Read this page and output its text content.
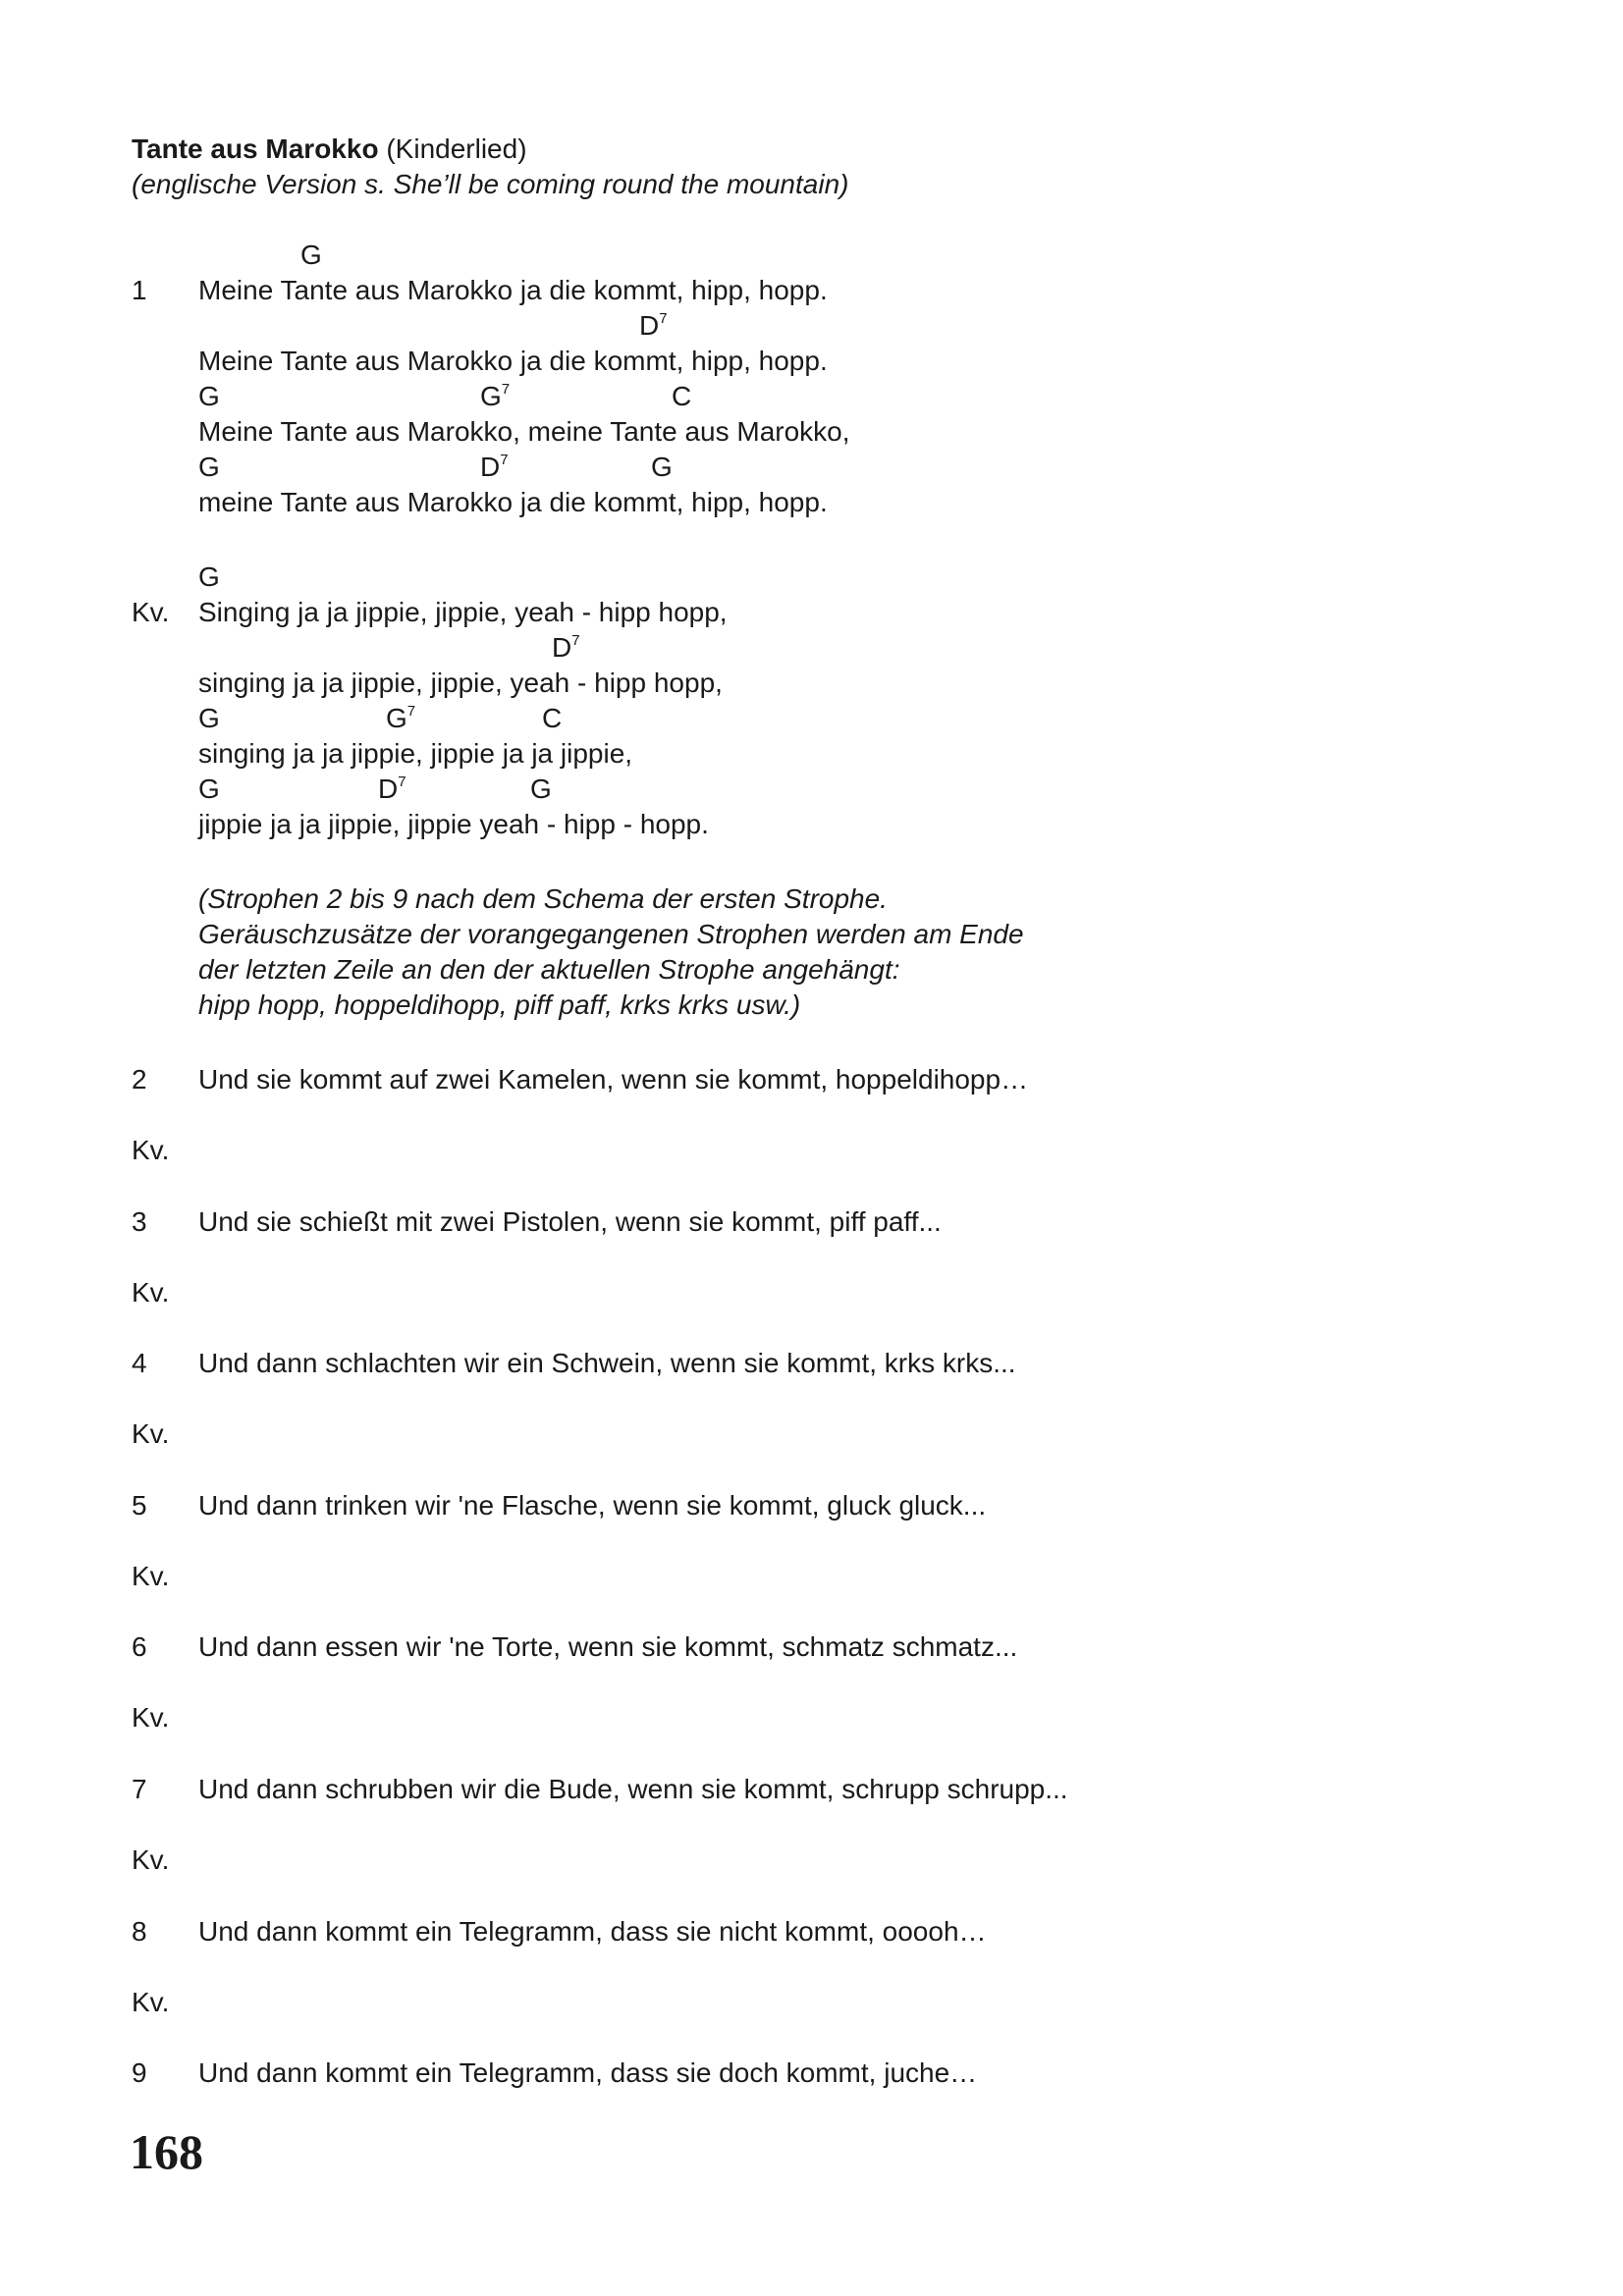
Tante aus Marokko (Kinderlied)
(englische Version s. She’ll be coming round the mountain)
G
1 Meine Tante aus Marokko ja die kommt, hipp, hopp.
$D^7$
Meine Tante aus Marokko ja die kommt, hipp, hopp.
G	$G^7$	C
Meine Tante aus Marokko, meine Tante aus Marokko,
G	$D^7$	G
meine Tante aus Marokko ja die kommt, hipp, hopp.
G
Kv. Singing ja ja jippie, jippie, yeah - hipp hopp,
$D^7$
singing ja ja jippie, jippie, yeah - hipp hopp,
G	$G^7$	C
singing ja ja jippie, jippie ja ja jippie,
G	$D^7$	G
jippie ja ja jippie, jippie yeah - hipp - hopp.
(Strophen 2 bis 9 nach dem Schema der ersten Strophe.
Geräuschzusätze der vorangegangenen Strophen werden am Ende
der letzten Zeile an den der aktuellen Strophe angehängt:
hipp hopp, hoppeldihopp, piff paff, krks krks usw.)
2 Und sie kommt auf zwei Kamelen, wenn sie kommt, hoppeldihopp…
Kv.
3 Und sie schießt mit zwei Pistolen, wenn sie kommt, piff paff...
Kv.
4 Und dann schlachten wir ein Schwein, wenn sie kommt, krks krks...
Kv.
5 Und dann trinken wir 'ne Flasche, wenn sie kommt, gluck gluck...
Kv.
6 Und dann essen wir 'ne Torte, wenn sie kommt, schmatz schmatz...
Kv.
7 Und dann schrubben wir die Bude, wenn sie kommt, schrupp schrupp...
Kv.
8 Und dann kommt ein Telegramm, dass sie nicht kommt, ooooh…
Kv.
9 Und dann kommt ein Telegramm, dass sie doch kommt, juche…
168
